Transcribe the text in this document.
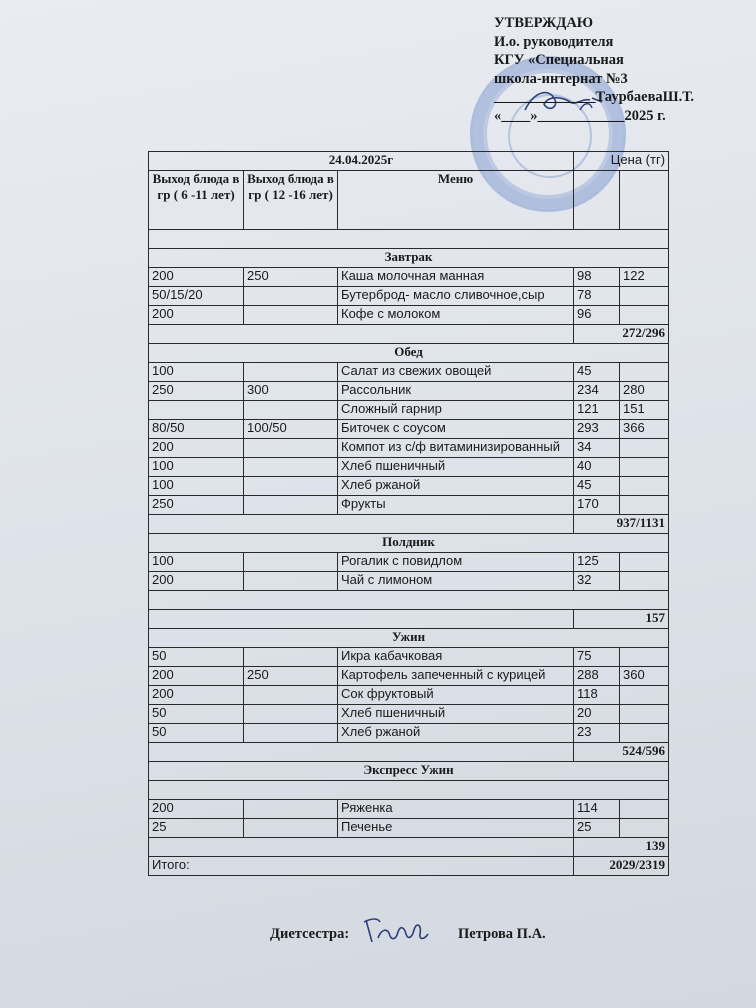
УТВЕРЖДАЮ
И.о. руководителя
КГУ «Специальная
школа-интернат №3
______________ТаурбаеваШ.Т.
«____»____________2025 г.
24.04.2025г			Цена (тг)	
Выход блюда в гр ( 6 -11 лет)	Выход блюда в гр ( 12 -16 лет)	Меню		

Завтрак				
200	250	Каша молочная манная	98	122
50/15/20		Бутерброд- масло сливочное,сыр	78	
200		Кофе с молоком	96	
			272/296	
Обед				
100		Салат из свежих овощей	45	
250	300	Рассольник	234	280
		Сложный гарнир	121	151
80/50	100/50	Биточек с соусом	293	366
200		Компот из с/ф витаминизированный	34	
100		Хлеб пшеничный	40	
100		Хлеб ржаной	45	
250		Фрукты	170	
			937/1131	
Полдник				
100		Рогалик с повидлом	125	
200		Чай с лимоном	32	

			157	
Ужин				
50		Икра кабачковая	75	
200	250	Картофель запеченный с курицей	288	360
200		Сок фруктовый	118	
50		Хлеб пшеничный	20	
50		Хлеб ржаной	23	
			524/596	
Экспресс Ужин				

200		Ряженка	114	
25		Печенье	25	
			139	
Итого:			2029/2319	
Диетсестра:	Петрова П.А.
